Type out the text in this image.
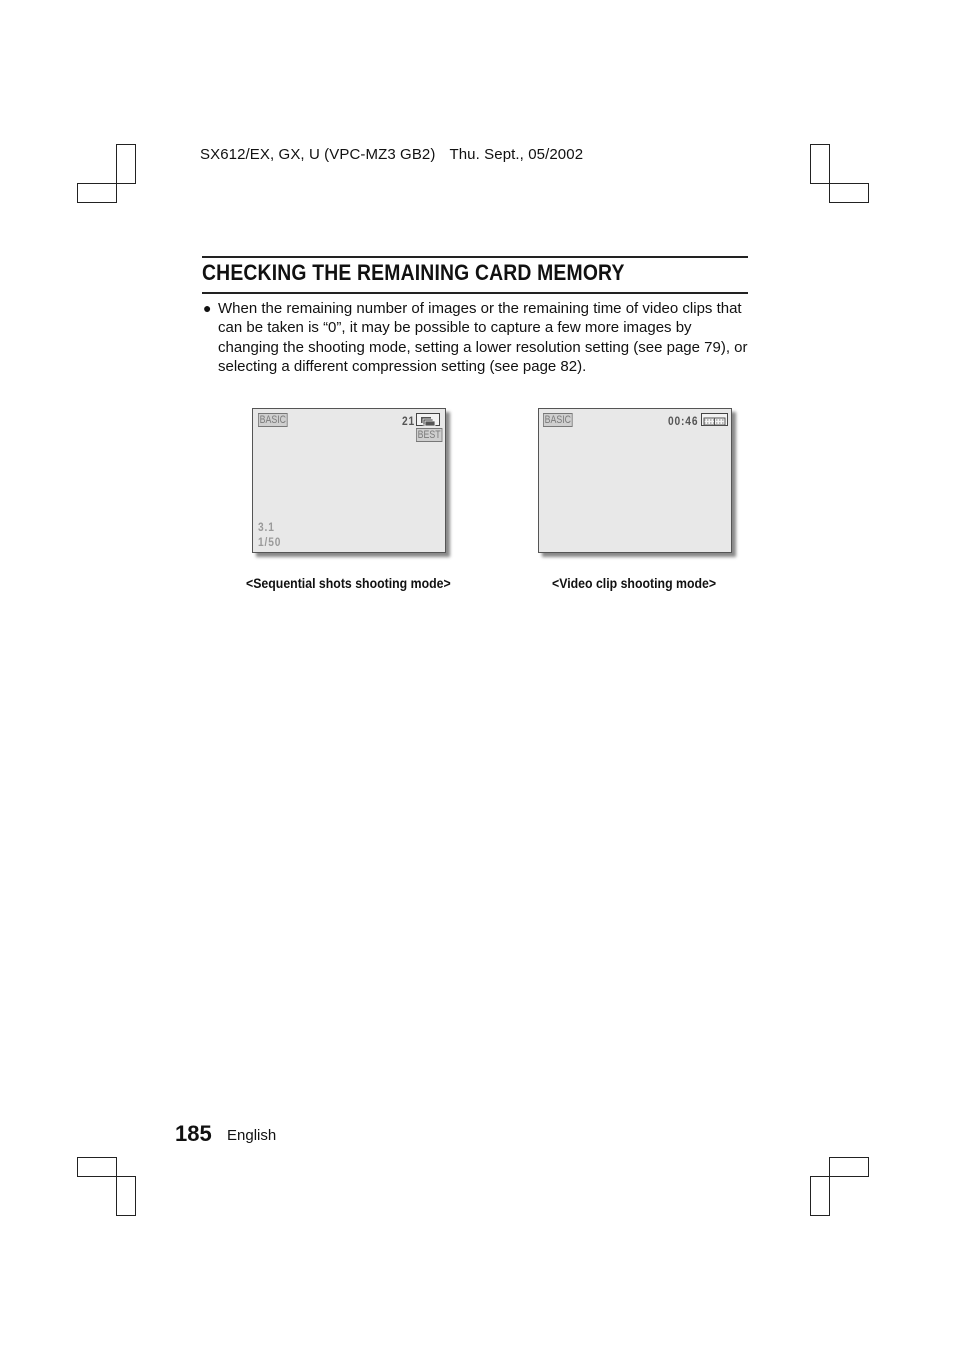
SX612/EX, GX, U (VPC-MZ3 GB2) Thu. Sept., 05/2002
CHECKING THE REMAINING CARD MEMORY
● When the remaining number of images or the remaining time of video clips that can be taken is “0”, it may be possible to capture a few more images by changing the shooting mode, setting a lower resolution setting (see page 79), or selecting a different compression setting (see page 82).

BASIC	21
BEST
3.1
1/50
<Sequential shots shooting mode>
BASIC	00:46
<Video clip shooting mode>
185 English
